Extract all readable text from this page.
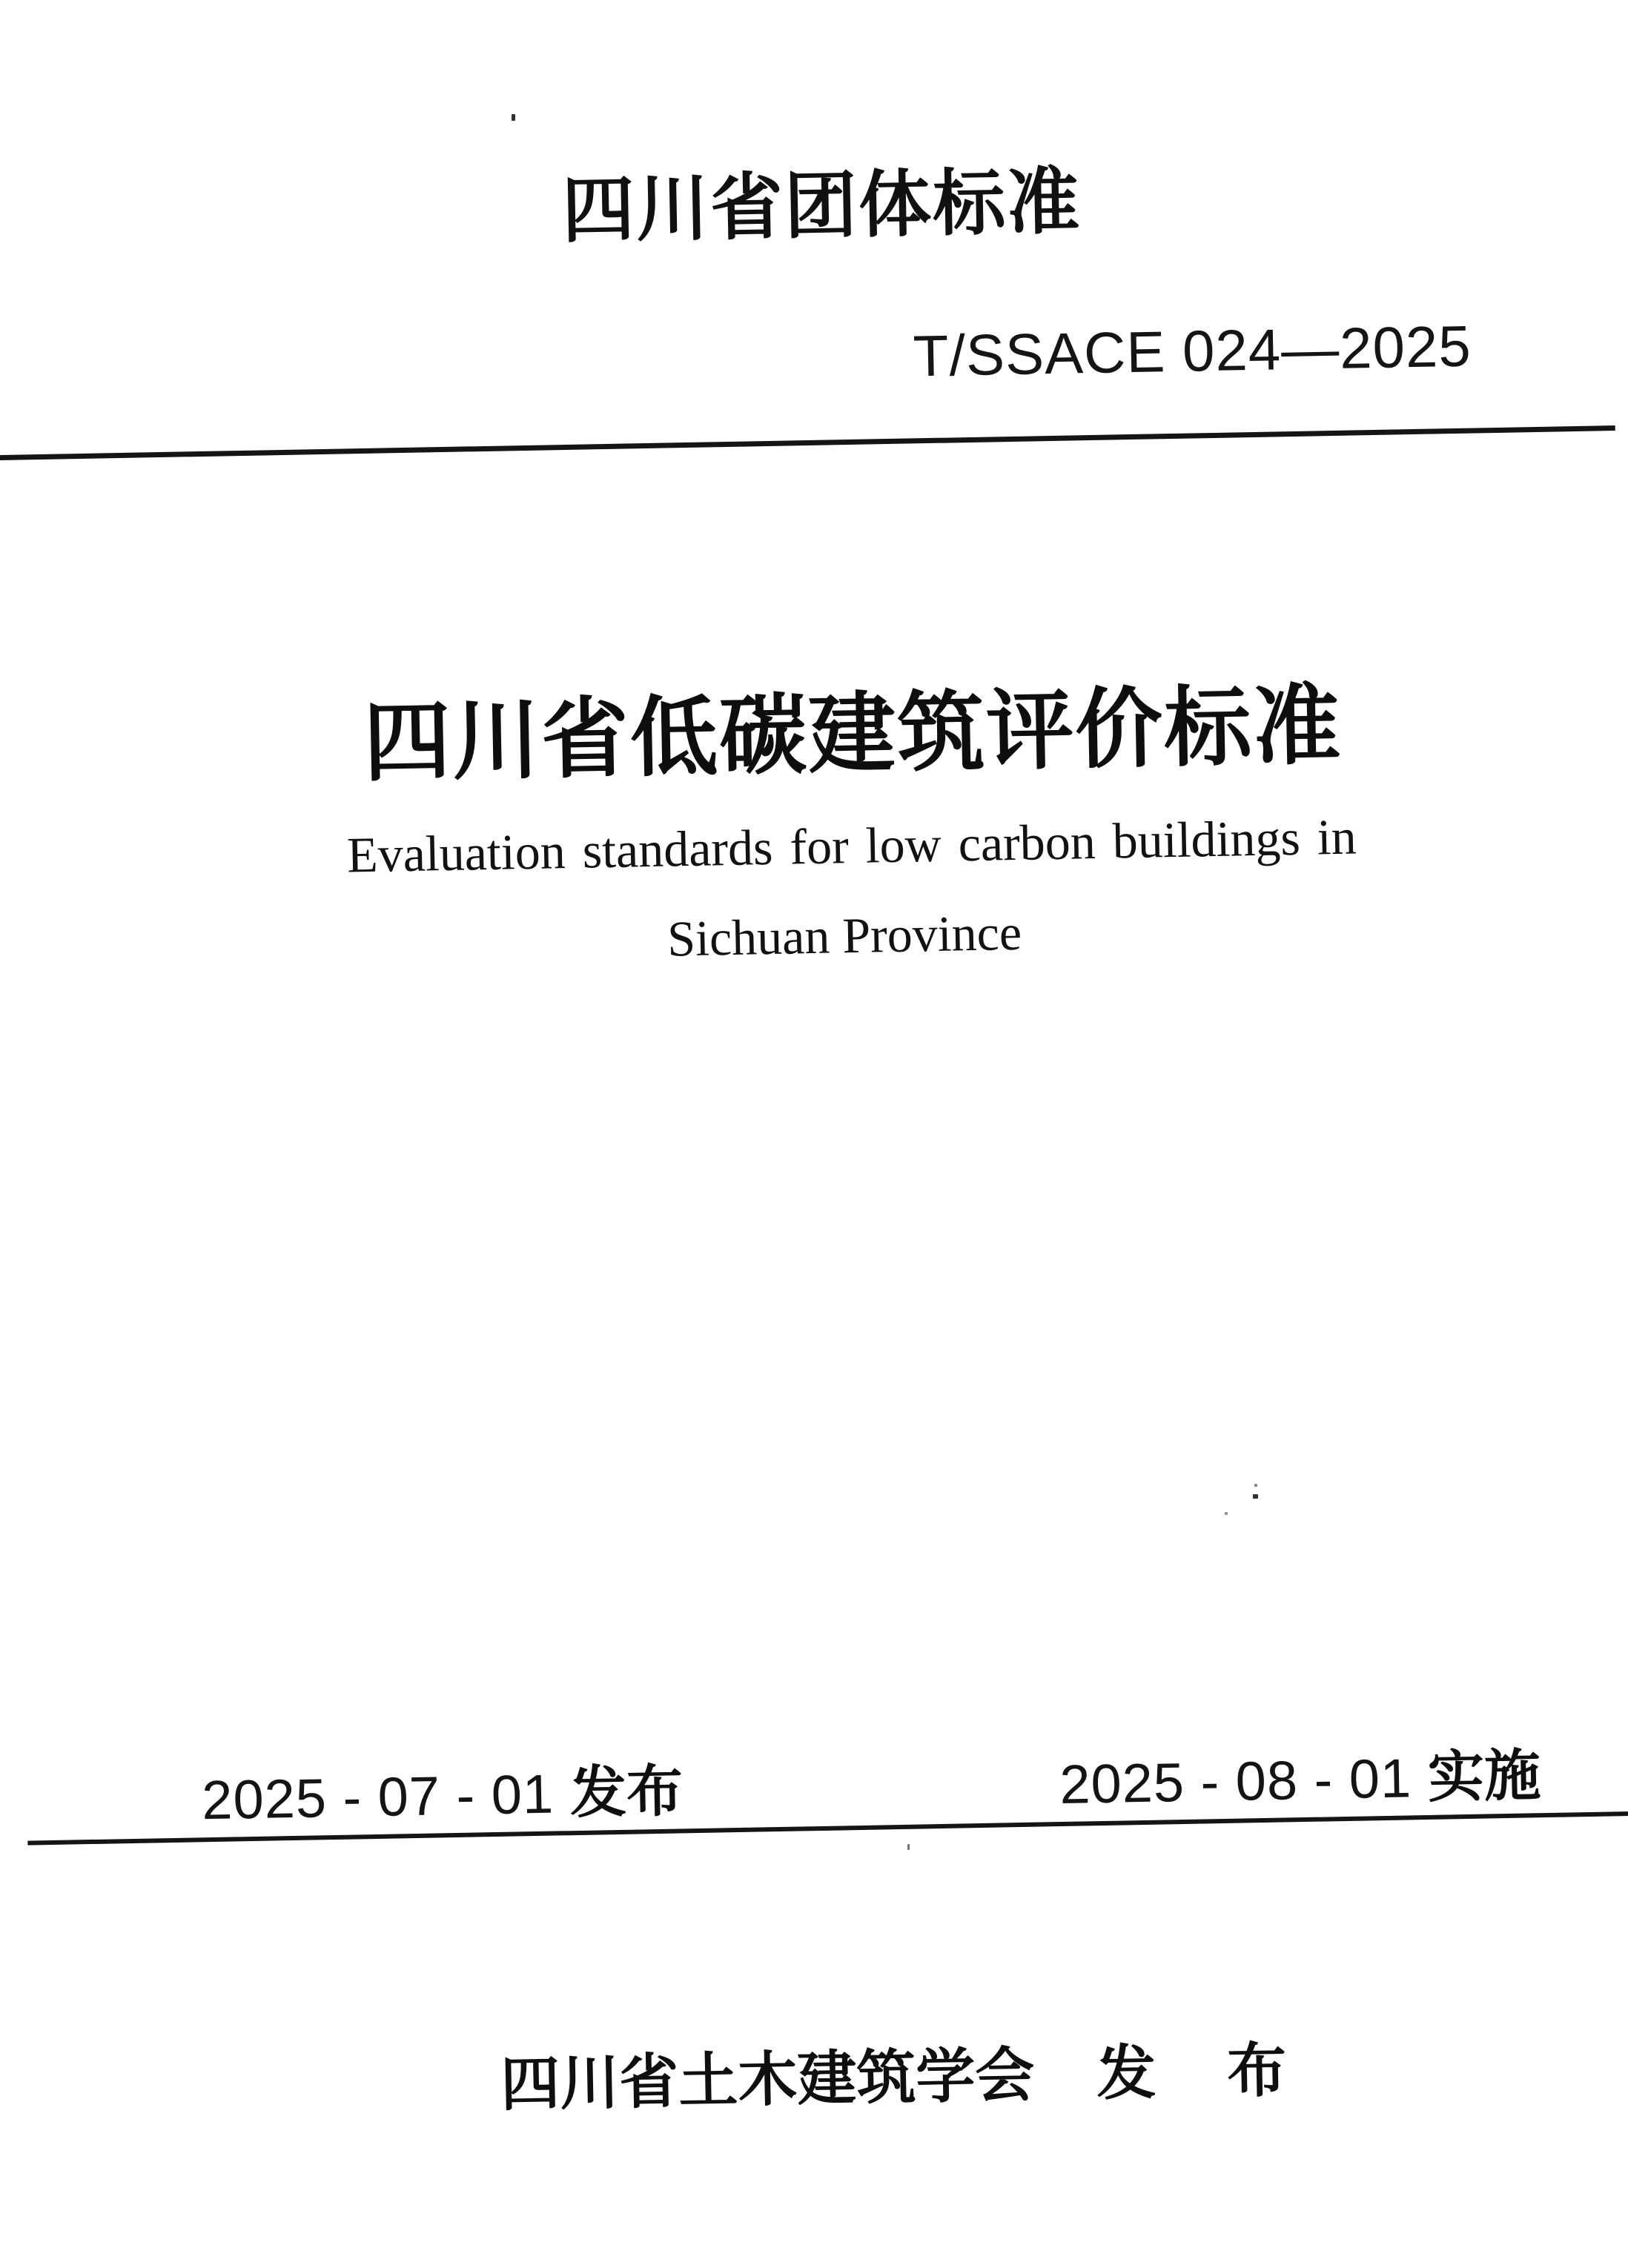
四川省团体标准
T/SSACE 024—2025
四川省低碳建筑评价标准
Evaluation standards for low carbon buildings in
Sichuan Province
2025 - 07 - 01 发布	2025 - 08 - 01 实施
四川省土木建筑学会 发 布
